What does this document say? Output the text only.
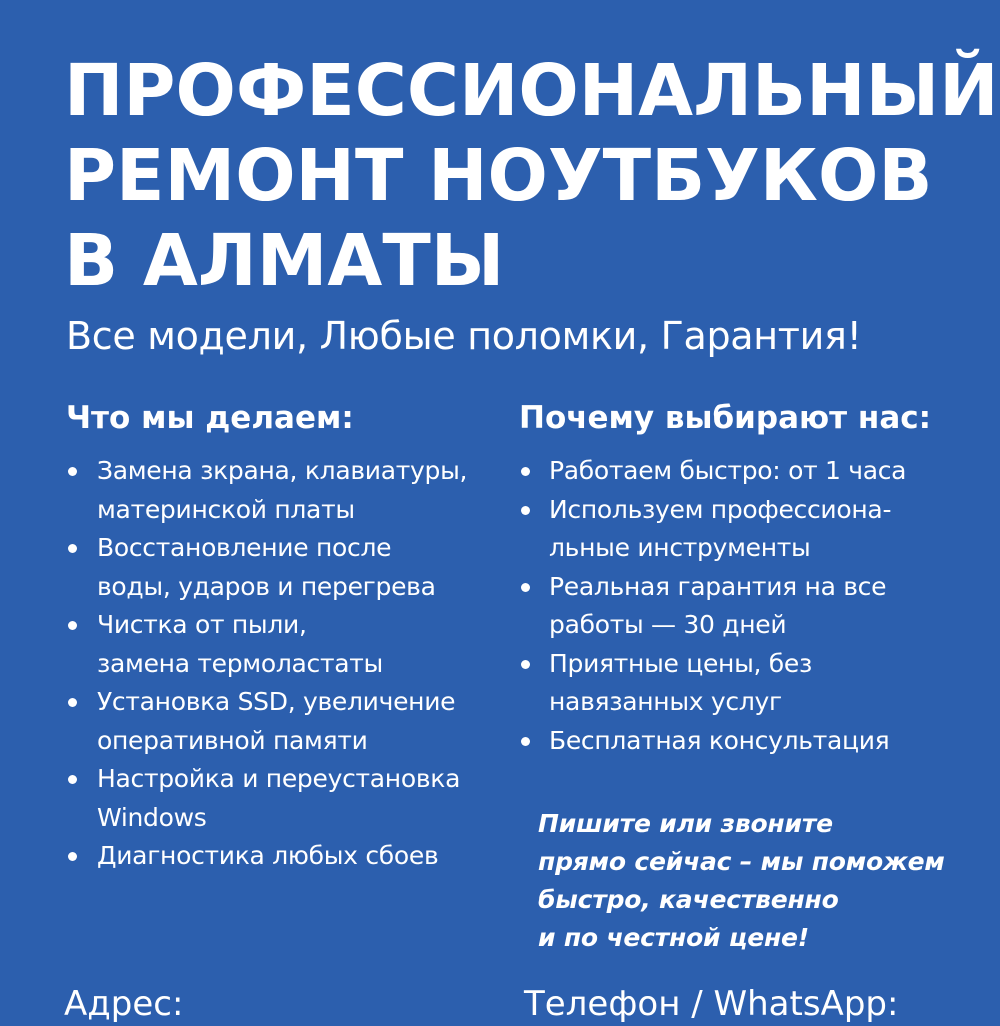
ПРОФЕССИОНАЛЬНЫЙ
РЕМОНТ НОУТБУКОВ
В АЛМАТЫ

Все модели, Любые поломки, Гарантия!

Что мы делаем:	Почему выбирают нас:
Замена зкрана, клавиатуры,
материнской платы
Восстановление после
воды, ударов и перегрева
Чистка от пыли,
замена термоластаты
Установка SSD, увеличение
оперативной памяти
Настройка и переустановка
Windows
Диагностика любых сбоев
Работаем быстро: от 1 часа
Используем профессиона-
льные инструменты
Реальная гарантия на все
работы — 30 дней
Приятные цены, без
навязанных услуг
Бесплатная консультация

Пишите или звоните
прямо сейчас – мы поможем
быстро, качественно
и по честной цене!

Адрес:	Телефон / WhatsApp:
